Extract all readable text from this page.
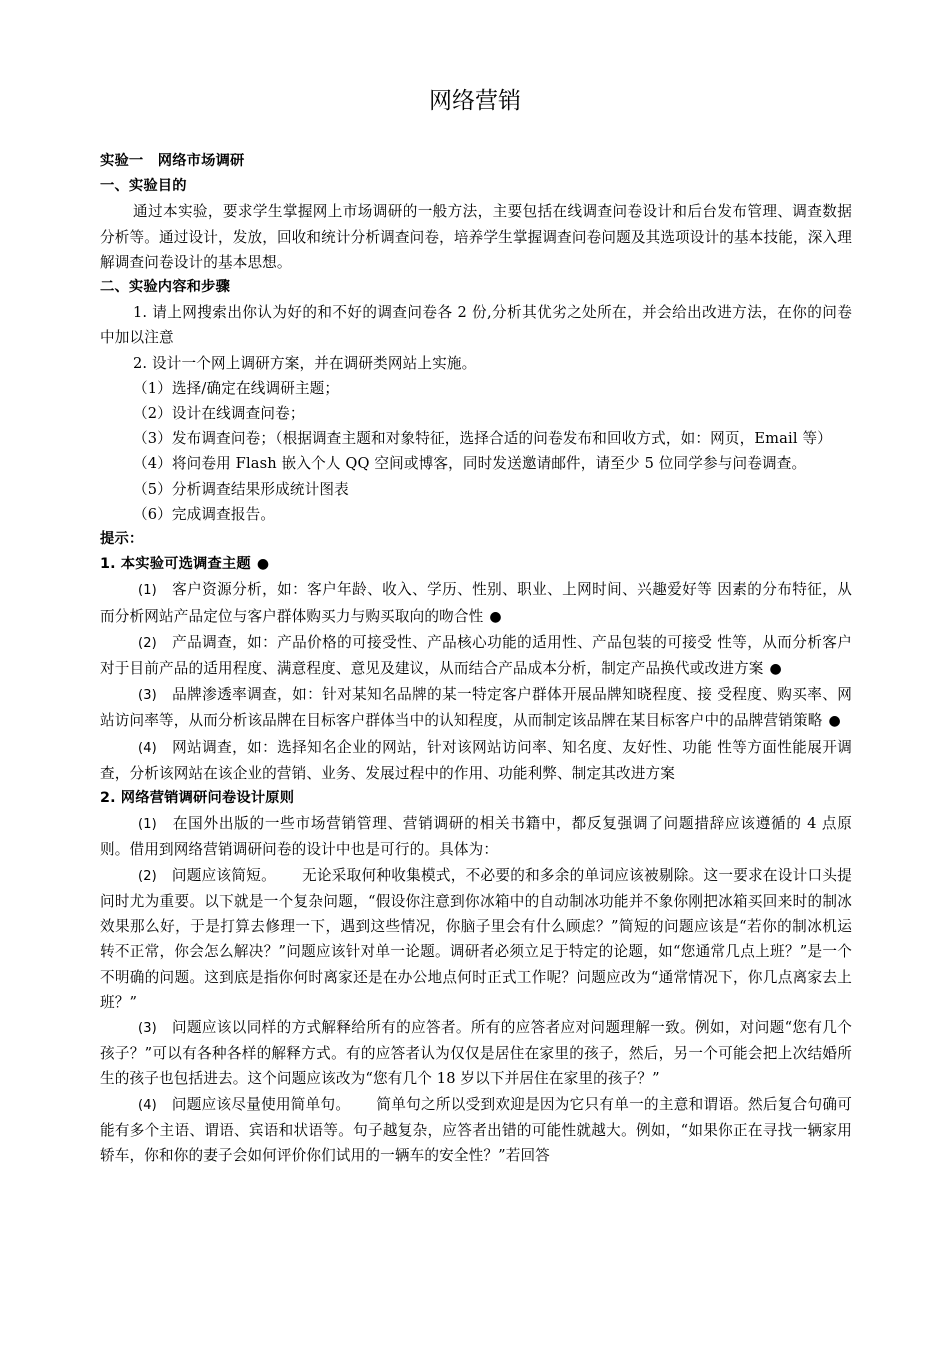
网络营销

实验一　网络市场调研

一、实验目的

通过本实验，要求学生掌握网上市场调研的一般方法，主要包括在线调查问卷设计和后台发布管理、调查数据分析等。通过设计，发放，回收和统计分析调查问卷，培养学生掌握调查问卷问题及其选项设计的基本技能，深入理解调查问卷设计的基本思想。

二、实验内容和步骤

1. 请上网搜索出你认为好的和不好的调查问卷各 2 份,分析其优劣之处所在，并会给出改进方法，在你的问卷中加以注意

2. 设计一个网上调研方案，并在调研类网站上实施。

（1）选择/确定在线调研主题；

（2）设计在线调查问卷；

（3）发布调查问卷；（根据调查主题和对象特征，选择合适的问卷发布和回收方式，如：网页，Email 等）

（4）将问卷用 Flash 嵌入个人 QQ 空间或博客，同时发送邀请邮件，请至少 5 位同学参与问卷调查。

（5）分析调查结果形成统计图表

（6）完成调查报告。

提示：

1. 本实验可选调查主题 ●

(1)　 客户资源分析，如：客户年龄、收入、学历、性别、职业、上网时间、兴趣爱好等 因素的分布特征，从而分析网站产品定位与客户群体购买力与购买取向的吻合性 ●

(2)　 产品调查，如：产品价格的可接受性、产品核心功能的适用性、产品包装的可接受 性等，从而分析客户对于目前产品的适用程度、满意程度、意见及建议，从而结合产品成本分析，制定产品换代或改进方案 ●

(3)　 品牌渗透率调查，如：针对某知名品牌的某一特定客户群体开展品牌知晓程度、接 受程度、购买率、网站访问率等，从而分析该品牌在目标客户群体当中的认知程度，从而制定该品牌在某目标客户中的品牌营销策略 ●

(4)　 网站调查，如：选择知名企业的网站，针对该网站访问率、知名度、友好性、功能 性等方面性能展开调查，分析该网站在该企业的营销、业务、发展过程中的作用、功能利弊、制定其改进方案

2. 网络营销调研问卷设计原则

(1)　 在国外出版的一些市场营销管理、营销调研的相关书籍中，都反复强调了问题措辞应该遵循的 4 点原则。借用到网络营销调研问卷的设计中也是可行的。具体为：

(2)　 问题应该简短。 无论采取何种收集模式，不必要的和多余的单词应该被剔除。这一要求在设计口头提问时尤为重要。以下就是一个复杂问题，“假设你注意到你冰箱中的自动制冰功能并不象你刚把冰箱买回来时的制冰效果那么好，于是打算去修理一下，遇到这些情况，你脑子里会有什么顾虑？”简短的问题应该是“若你的制冰机运转不正常，你会怎么解决？”问题应该针对单一论题。调研者必须立足于特定的论题，如“您通常几点上班？”是一个不明确的问题。这到底是指你何时离家还是在办公地点何时正式工作呢？问题应改为“通常情况下，你几点离家去上班？”

(3)　 问题应该以同样的方式解释给所有的应答者。所有的应答者应对问题理解一致。例如，对问题“您有几个孩子？”可以有各种各样的解释方式。有的应答者认为仅仅是居住在家里的孩子，然后，另一个可能会把上次结婚所生的孩子也包括进去。这个问题应该改为“您有几个 18 岁以下并居住在家里的孩子？”

(4)　 问题应该尽量使用简单句。 简单句之所以受到欢迎是因为它只有单一的主意和谓语。然后复合句确可能有多个主语、谓语、宾语和状语等。句子越复杂，应答者出错的可能性就越大。例如，“如果你正在寻找一辆家用轿车，你和你的妻子会如何评价你们试用的一辆车的安全性？”若回答
